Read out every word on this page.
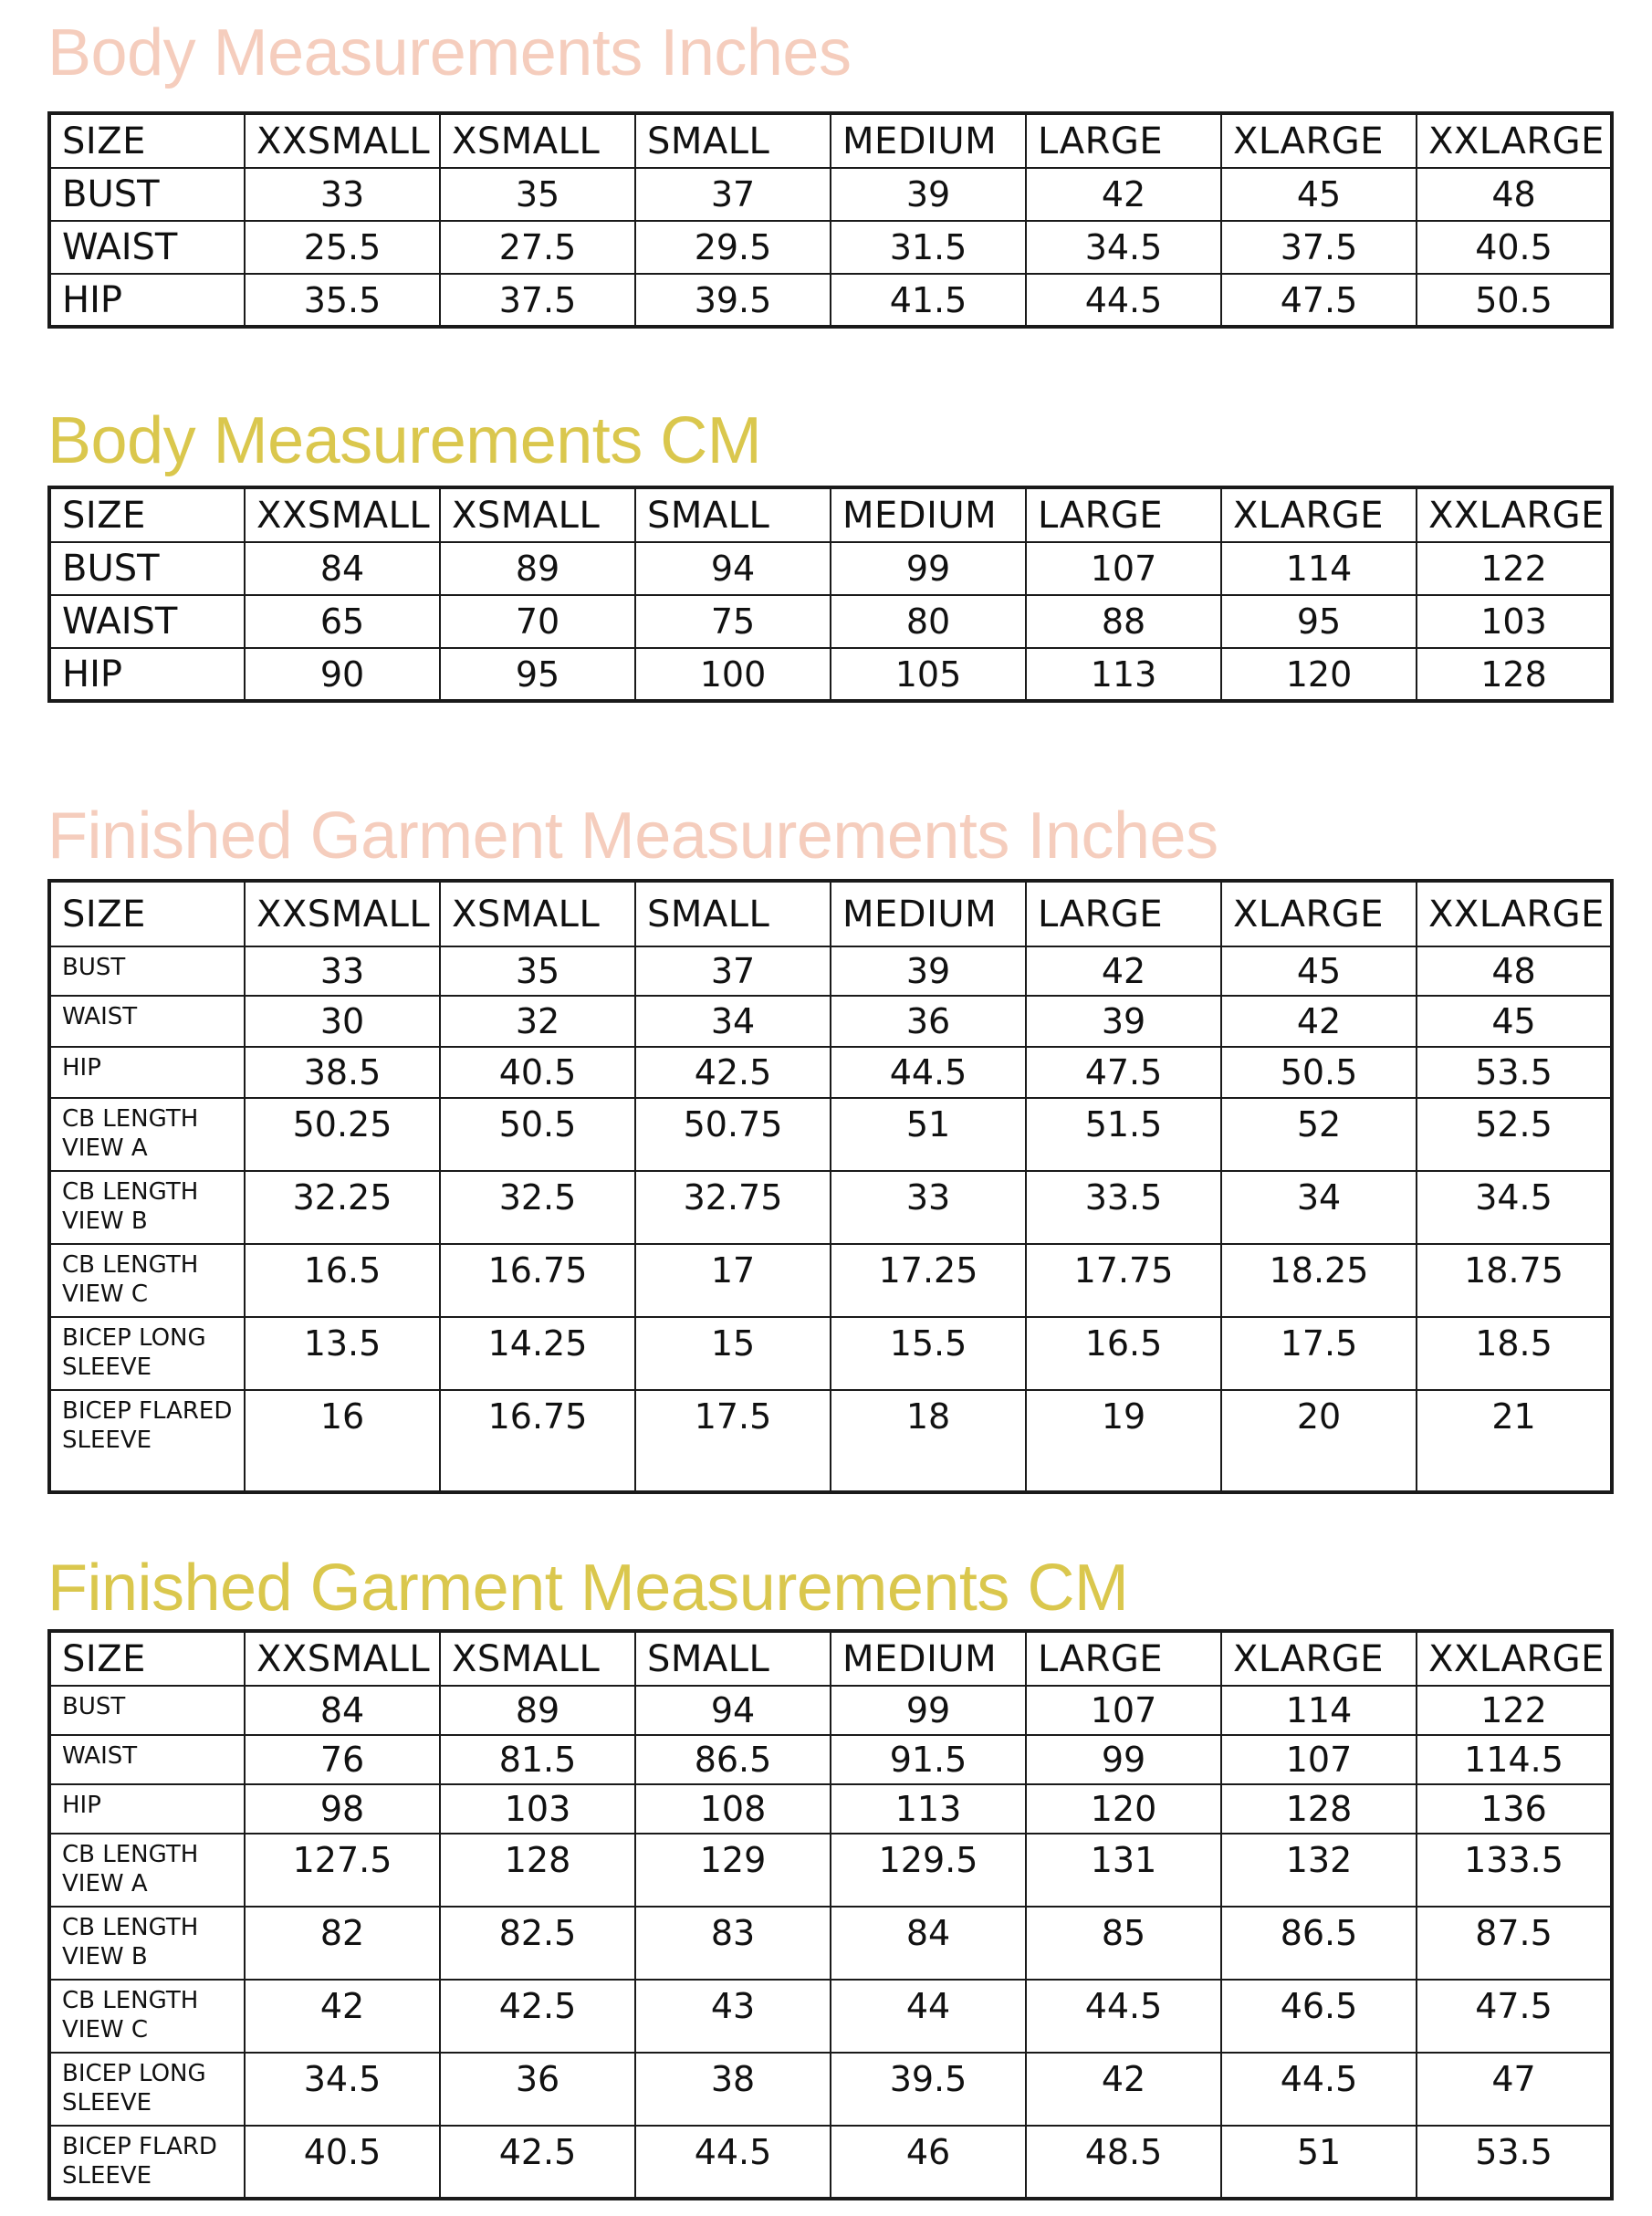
Body Measurements Inches
SIZE	XXSMALL	XSMALL	SMALL	MEDIUM	LARGE	XLARGE	XXLARGE
BUST	33	35	37	39	42	45	48
WAIST	25.5	27.5	29.5	31.5	34.5	37.5	40.5
HIP	35.5	37.5	39.5	41.5	44.5	47.5	50.5
Body Measurements CM
SIZE	XXSMALL	XSMALL	SMALL	MEDIUM	LARGE	XLARGE	XXLARGE
BUST	84	89	94	99	107	114	122
WAIST	65	70	75	80	88	95	103
HIP	90	95	100	105	113	120	128
Finished Garment Measurements Inches
SIZE	XXSMALL	XSMALL	SMALL	MEDIUM	LARGE	XLARGE	XXLARGE
BUST	33	35	37	39	42	45	48
WAIST	30	32	34	36	39	42	45
HIP	38.5	40.5	42.5	44.5	47.5	50.5	53.5
CB LENGTH VIEW A	50.25	50.5	50.75	51	51.5	52	52.5
CB LENGTH VIEW B	32.25	32.5	32.75	33	33.5	34	34.5
CB LENGTH VIEW C	16.5	16.75	17	17.25	17.75	18.25	18.75
BICEP LONG SLEEVE	13.5	14.25	15	15.5	16.5	17.5	18.5
BICEP FLARED SLEEVE	16	16.75	17.5	18	19	20	21
Finished Garment Measurements CM
SIZE	XXSMALL	XSMALL	SMALL	MEDIUM	LARGE	XLARGE	XXLARGE
BUST	84	89	94	99	107	114	122
WAIST	76	81.5	86.5	91.5	99	107	114.5
HIP	98	103	108	113	120	128	136
CB LENGTH VIEW A	127.5	128	129	129.5	131	132	133.5
CB LENGTH VIEW B	82	82.5	83	84	85	86.5	87.5
CB LENGTH VIEW C	42	42.5	43	44	44.5	46.5	47.5
BICEP LONG SLEEVE	34.5	36	38	39.5	42	44.5	47
BICEP FLARD SLEEVE	40.5	42.5	44.5	46	48.5	51	53.5
